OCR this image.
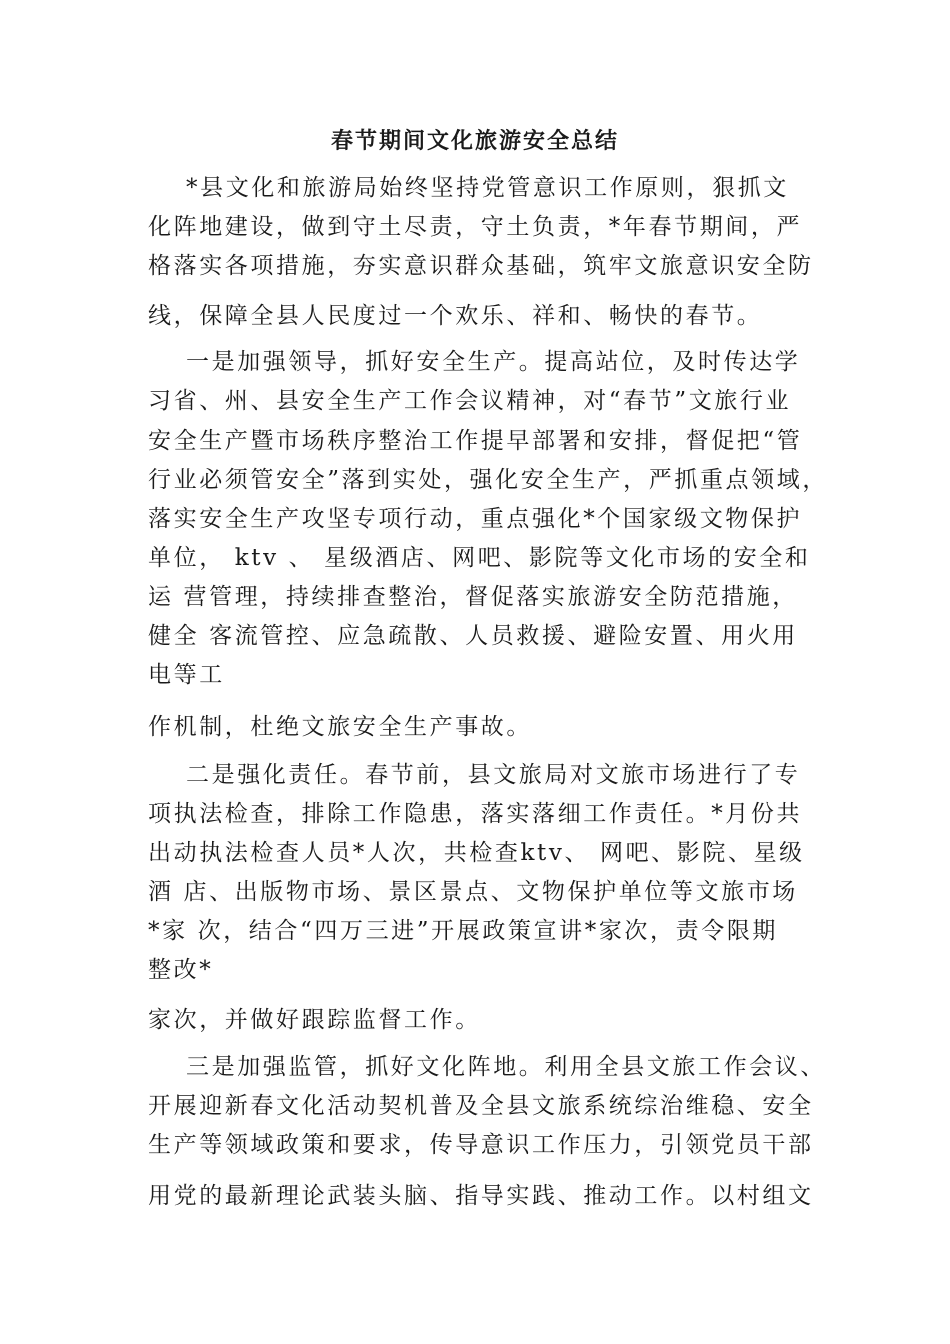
春节期间文化旅游安全总结
*县文化和旅游局始终坚持党管意识工作原则，狠抓文
化阵地建设，做到守土尽责，守土负责，*年春节期间，严
格落实各项措施，夯实意识群众基础，筑牢文旅意识安全防
线，保障全县人民度过一个欢乐、祥和、畅快的春节。
一是加强领导，抓好安全生产。提高站位，及时传达学
习省、州、县安全生产工作会议精神，对“春节”文旅行业
安全生产暨市场秩序整治工作提早部署和安排，督促把“管
行业必须管安全”落到实处，强化安全生产，严抓重点领域，
落实安全生产攻坚专项行动，重点强化*个国家级文物保护
单位， ktv 、 星级酒店、网吧、影院等文化市场的安全和
运 营管理，持续排查整治，督促落实旅游安全防范措施，
健全 客流管控、应急疏散、人员救援、避险安置、用火用
电等工
作机制，杜绝文旅安全生产事故。
二是强化责任。春节前，县文旅局对文旅市场进行了专
项执法检查，排除工作隐患，落实落细工作责任。*月份共
出动执法检查人员*人次，共检查ktv、 网吧、影院、星级
酒 店、出版物市场、景区景点、文物保护单位等文旅市场
*家 次，结合“四万三进”开展政策宣讲*家次，责令限期
整改*
家次，并做好跟踪监督工作。
三是加强监管，抓好文化阵地。利用全县文旅工作会议、
开展迎新春文化活动契机普及全县文旅系统综治维稳、安全
生产等领域政策和要求，传导意识工作压力，引领党员干部
用党的最新理论武装头脑、指导实践、推动工作。以村组文
